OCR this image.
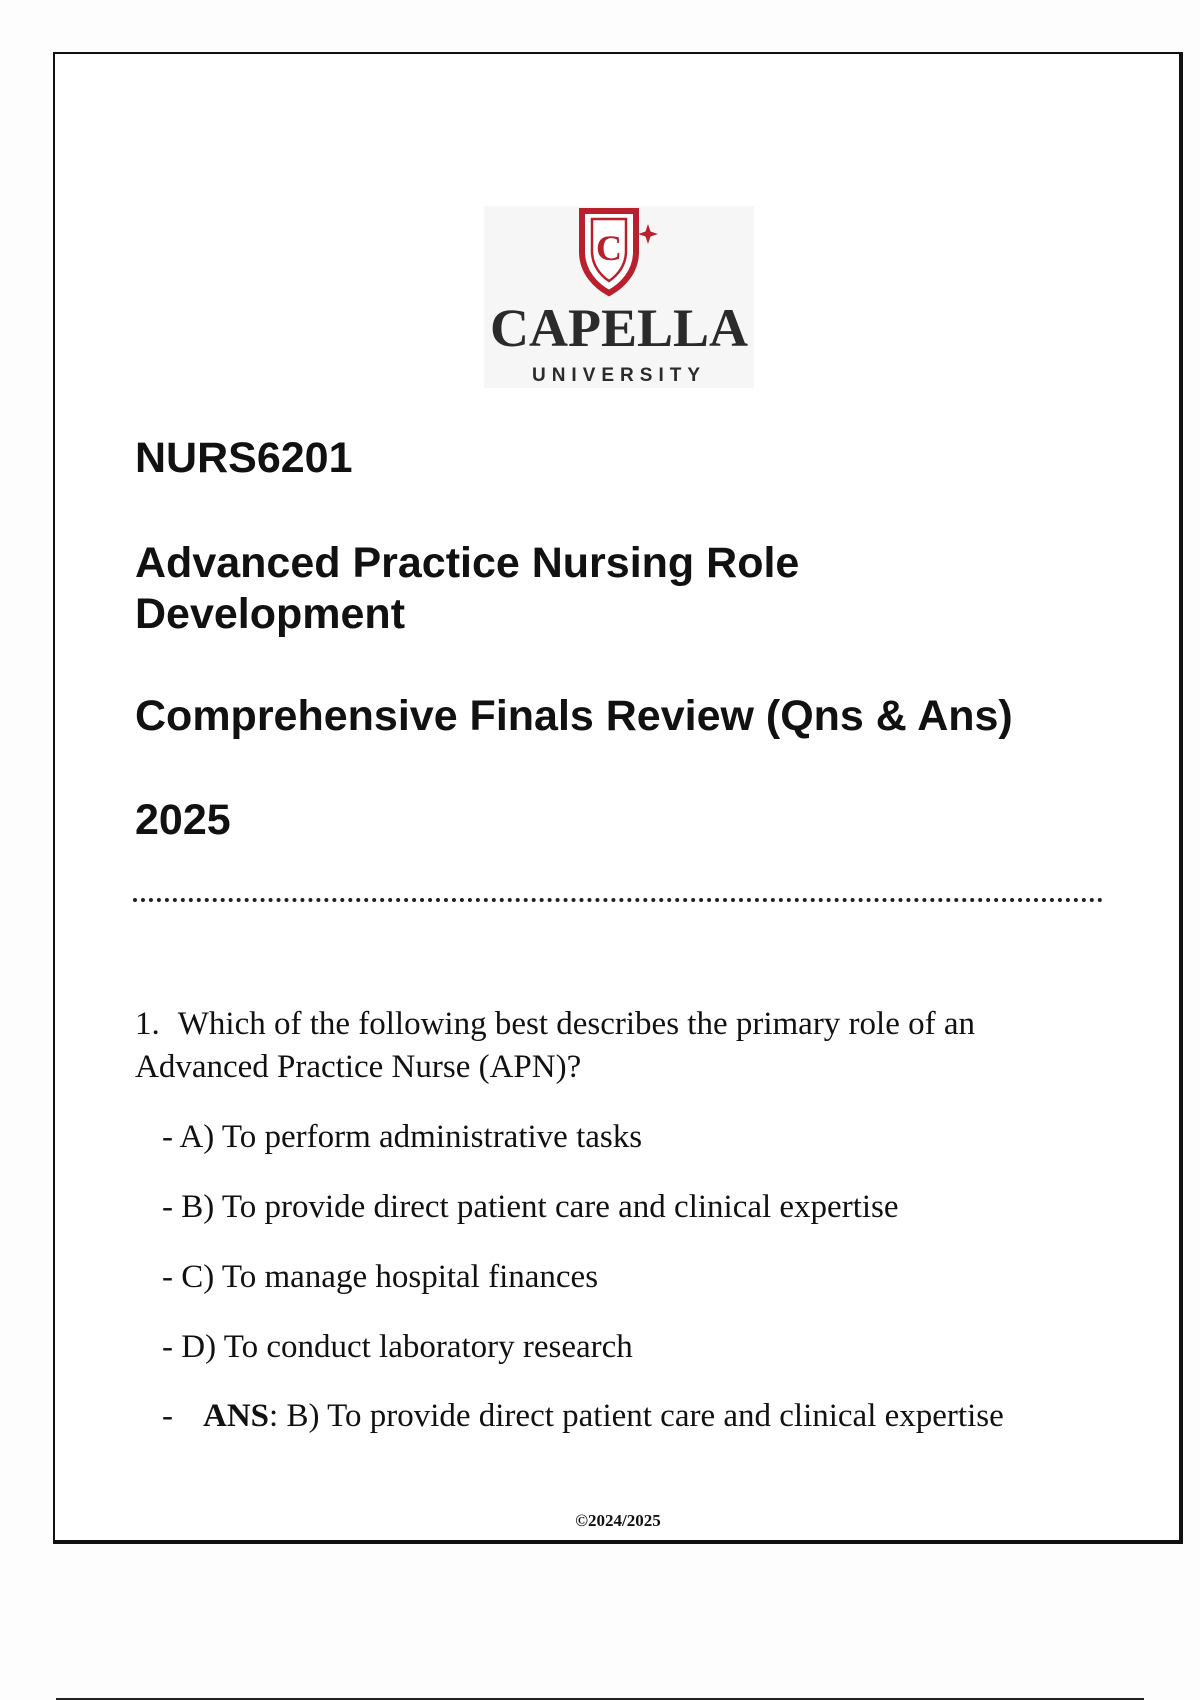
C
CAPELLA
UNIVERSITY
NURS6201
Advanced Practice Nursing Role Development
Comprehensive Finals Review (Qns & Ans)
2025

1. Which of the following best describes the primary role of an Advanced Practice Nurse (APN)?

- A) To perform administrative tasks
- B) To provide direct patient care and clinical expertise
- C) To manage hospital finances
- D) To conduct laboratory research

- ANS: B) To provide direct patient care and clinical expertise

©2024/2025
